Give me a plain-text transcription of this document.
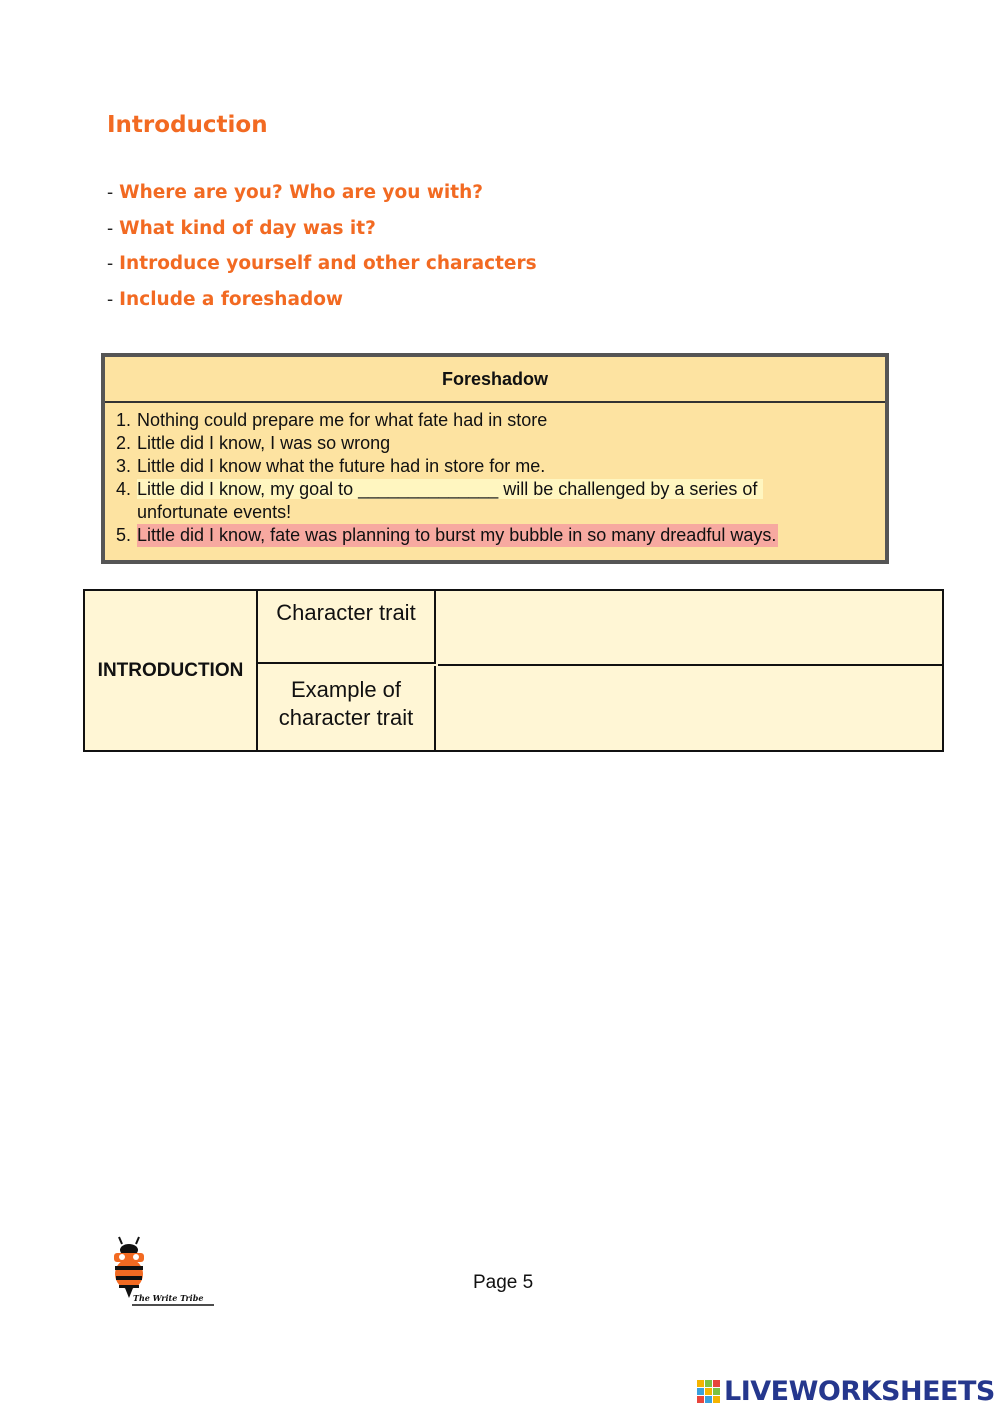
Introduction
- Where are you? Who are you with?
- What kind of day was it?
- Introduce yourself and other characters
- Include a foreshadow
Foreshadow
1. Nothing could prepare me for what fate had in store
2. Little did I know, I was so wrong
3. Little did I know what the future had in store for me.
4. Little did I know, my goal to ______________ will be challenged by a series of
unfortunate events!
5. Little did I know, fate was planning to burst my bubble in so many dreadful ways.
INTRODUCTION
Character trait
Example of
character trait
The Write Tribe
Page 5
LIVEWORKSHEETS
